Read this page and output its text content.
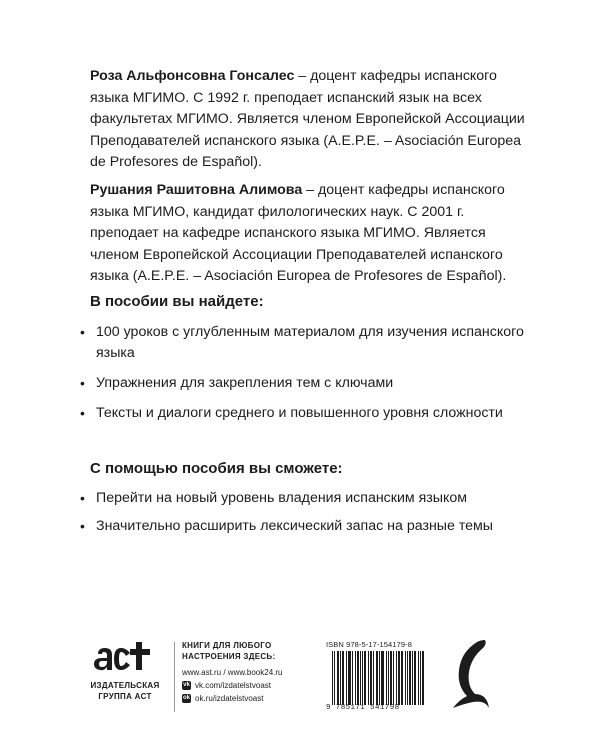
Роза Альфонсовна Гонсалес – доцент кафедры испанского языка МГИМО. С 1992 г. преподает испанский язык на всех факультетах МГИМО. Является членом Европейской Ассоциации Преподавателей испанского языка (A.E.P.E. – Asociación Europea de Profesores de Español).

Рушания Рашитовна Алимова – доцент кафедры испанского языка МГИМО, кандидат филологических наук. С 2001 г. преподает на кафедре испанского языка МГИМО. Является членом Европейской Ассоциации Преподавателей испанского языка (A.E.P.E. – Asociación Europea de Profesores de Español).

В пособии вы найдете:
• 100 уроков с углубленным материалом для изучения испанского языка
• Упражнения для закрепления тем с ключами
• Тексты и диалоги среднего и повышенного уровня сложности
С помощью пособия вы сможете:
• Перейти на новый уровень владения испанским языком
• Значительно расширить лексический запас на разные темы
ИЗДАТЕЛЬСКАЯ
ГРУППА АСТ
КНИГИ ДЛЯ ЛЮБОГО
НАСТРОЕНИЯ ЗДЕСЬ:
www.ast.ru / www.book24.ru
vk vk.com/izdatelstvoast
ok ok.ru/izdatelstvoast
ISBN 978-5-17-154179-8
9 785171 541798
